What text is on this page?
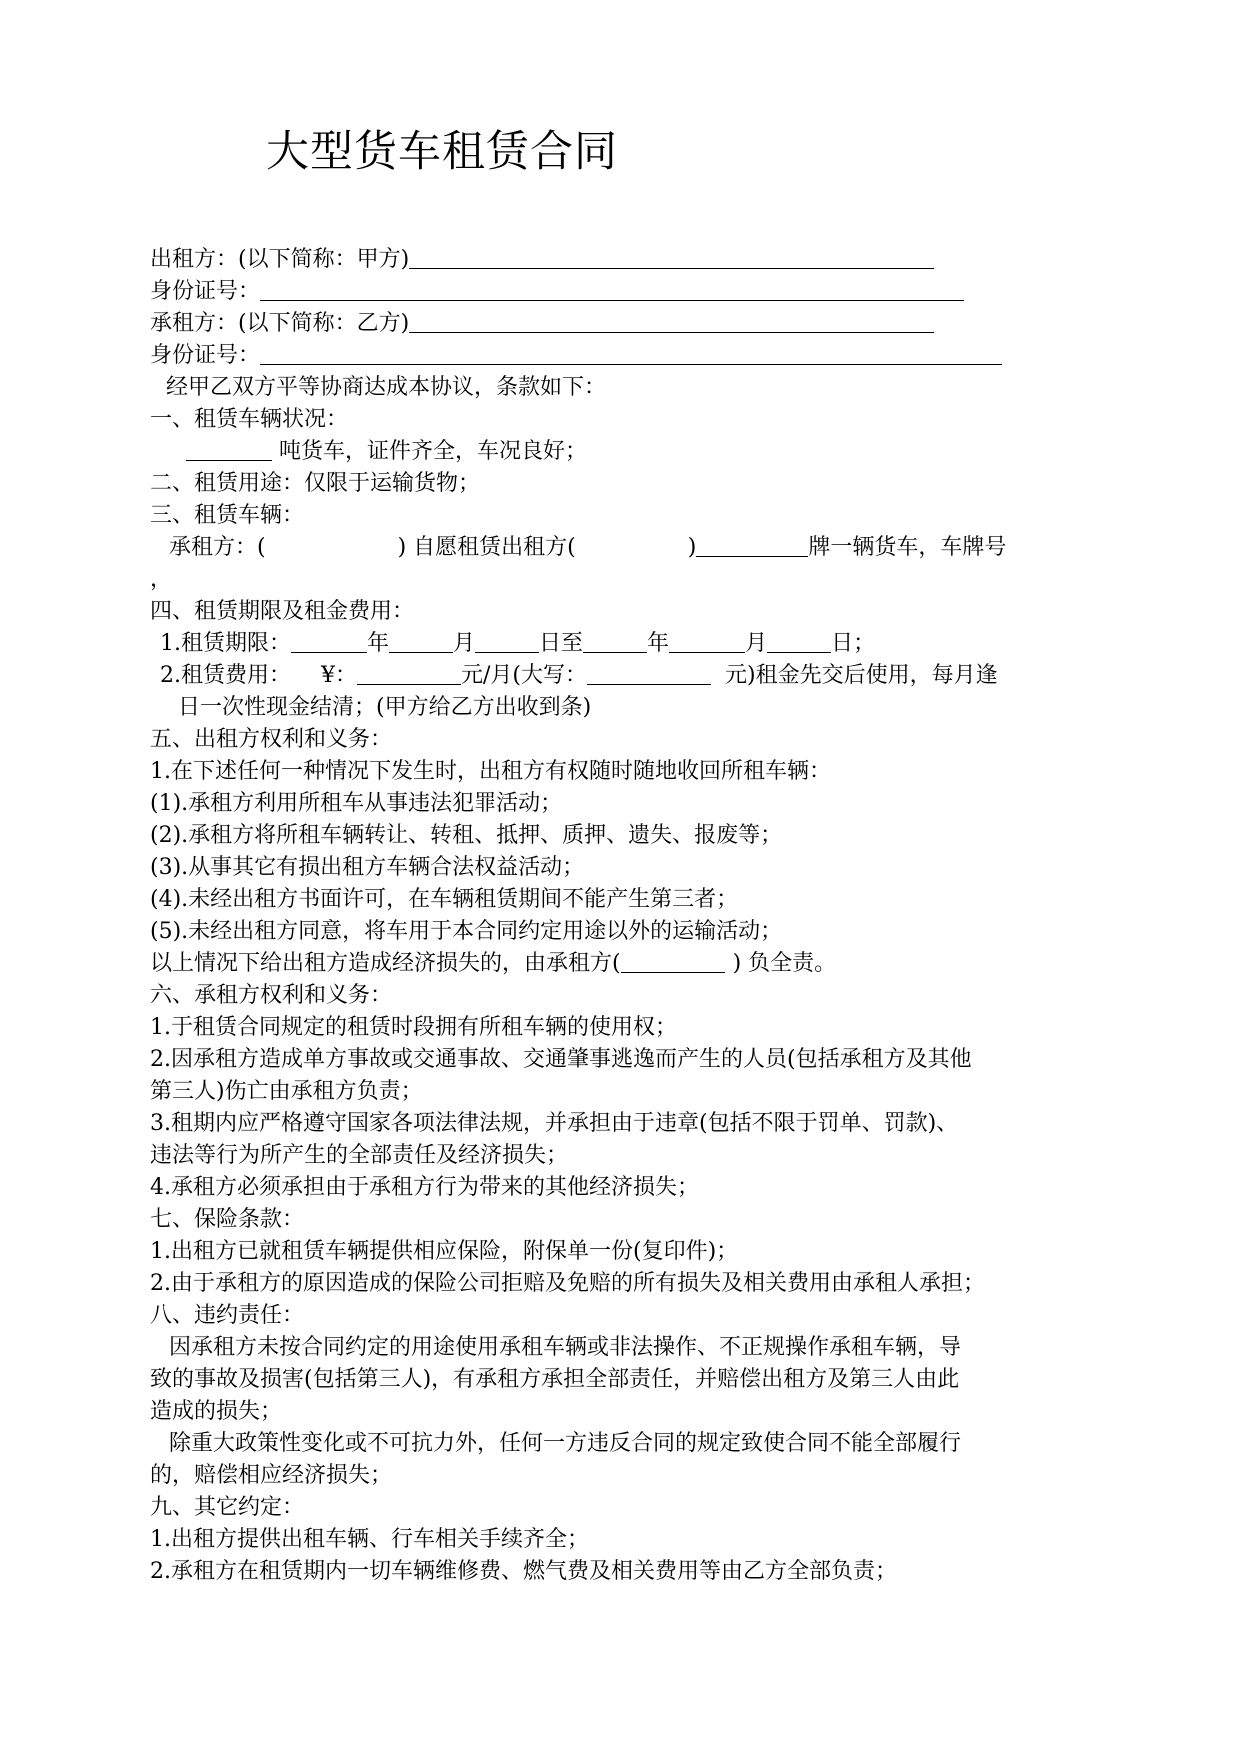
大型货车租赁合同
出租方：(以下简称：甲方)
身份证号：
承租方：(以下简称：乙方)
身份证号：
经甲乙双方平等协商达成本协议，条款如下：
一、租赁车辆状况：
吨货车，证件齐全，车况良好；
二、租赁用途：仅限于运输货物；
三、租赁车辆：
承租方：(	) 自愿租赁出租方(	)	牌一辆货车，车牌号
，
四、租赁期限及租金费用：
1.租赁期限：	年	月	日至	年	月	日；
2.租赁费用： ¥：	元/月(大写：	元)租金先交后使用，每月逢
日一次性现金结清；(甲方给乙方出收到条)
五、出租方权利和义务：
1.在下述任何一种情况下发生时，出租方有权随时随地收回所租车辆：
(1).承租方利用所租车从事违法犯罪活动；
(2).承租方将所租车辆转让、转租、抵押、质押、遗失、报废等；
(3).从事其它有损出租方车辆合法权益活动；
(4).未经出租方书面许可，在车辆租赁期间不能产生第三者；
(5).未经出租方同意，将车用于本合同约定用途以外的运输活动；
以上情况下给出租方造成经济损失的，由承租方(	) 负全责。
六、承租方权利和义务：
1.于租赁合同规定的租赁时段拥有所租车辆的使用权；
2.因承租方造成单方事故或交通事故、交通肇事逃逸而产生的人员(包括承租方及其他
第三人)伤亡由承租方负责；
3.租期内应严格遵守国家各项法律法规，并承担由于违章(包括不限于罚单、罚款)、
违法等行为所产生的全部责任及经济损失；
4.承租方必须承担由于承租方行为带来的其他经济损失；
七、保险条款：
1.出租方已就租赁车辆提供相应保险，附保单一份(复印件)；
2.由于承租方的原因造成的保险公司拒赔及免赔的所有损失及相关费用由承租人承担；
八、违约责任：
因承租方未按合同约定的用途使用承租车辆或非法操作、不正规操作承租车辆，导
致的事故及损害(包括第三人)，有承租方承担全部责任，并赔偿出租方及第三人由此
造成的损失；
除重大政策性变化或不可抗力外，任何一方违反合同的规定致使合同不能全部履行
的，赔偿相应经济损失；
九、其它约定：
1.出租方提供出租车辆、行车相关手续齐全；
2.承租方在租赁期内一切车辆维修费、燃气费及相关费用等由乙方全部负责；
